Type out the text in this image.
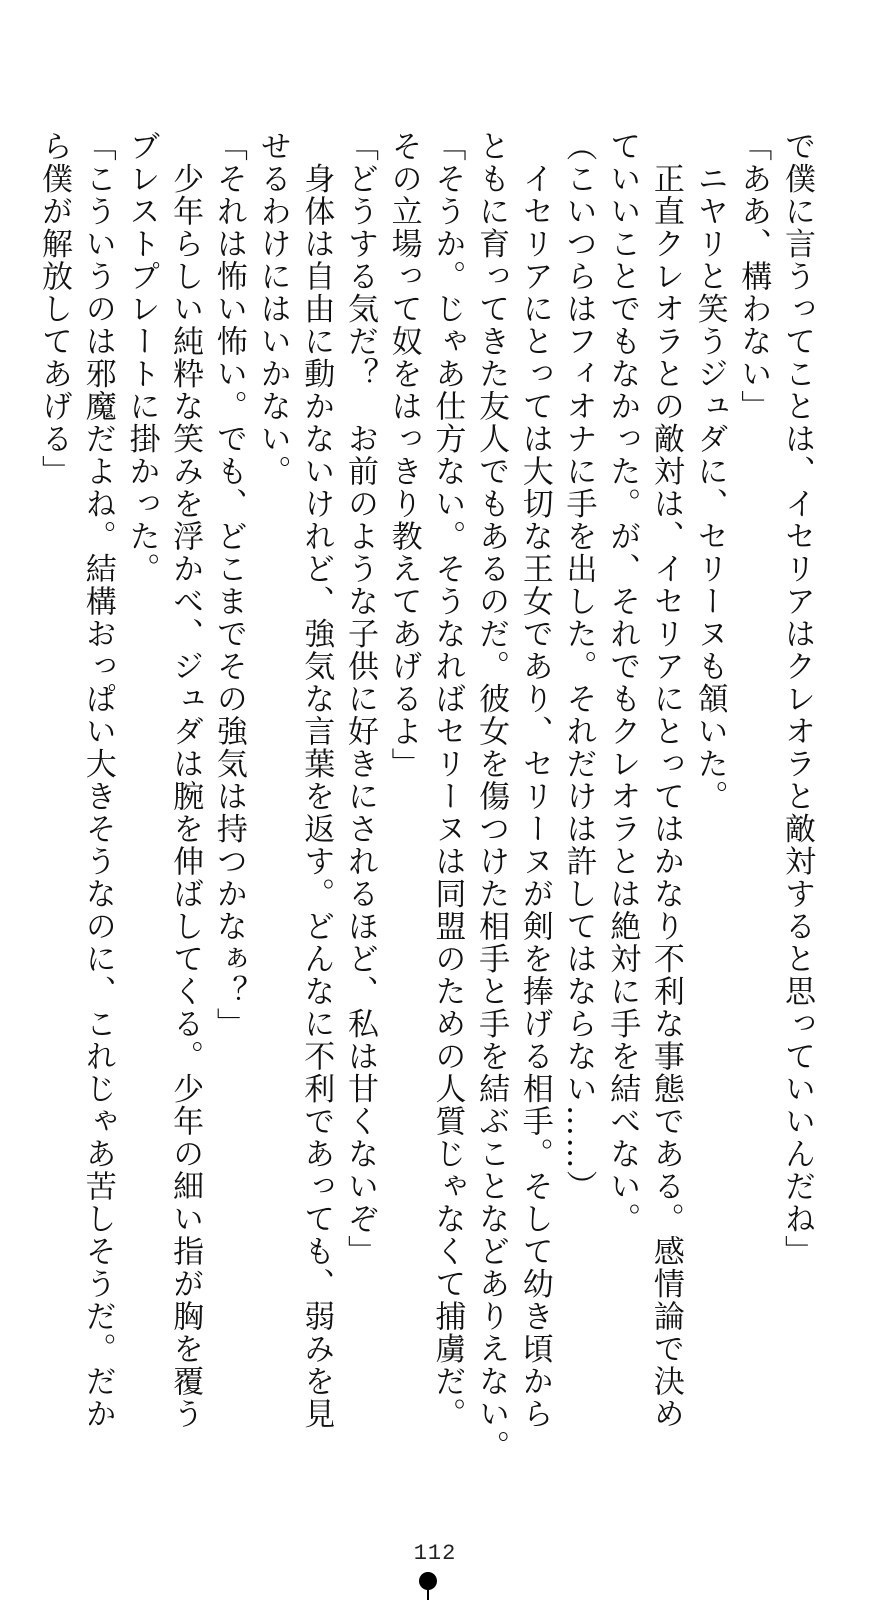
で僕に言うってことは、イセリアはクレオラと敵対すると思っていいんだね」
「ああ、構わない」
　ニヤリと笑うジュダに、セリーヌも頷いた。
　正直クレオラとの敵対は、イセリアにとってはかなり不利な事態である。感情論で決め
ていいことでもなかった。が、それでもクレオラとは絶対に手を結べない。
（こいつらはフィオナに手を出した。それだけは許してはならない……）
　イセリアにとっては大切な王女であり、セリーヌが剣を捧げる相手。そして幼き頃から
ともに育ってきた友人でもあるのだ。彼女を傷つけた相手と手を結ぶことなどありえない。
「そうか。じゃあ仕方ない。そうなればセリーヌは同盟のための人質じゃなくて捕虜だ。
その立場って奴をはっきり教えてあげるよ」
「どうする気だ？　お前のような子供に好きにされるほど、私は甘くないぞ」
　身体は自由に動かないけれど、強気な言葉を返す。どんなに不利であっても、弱みを見
せるわけにはいかない。
「それは怖い怖い。でも、どこまでその強気は持つかなぁ？」
　少年らしい純粋な笑みを浮かべ、ジュダは腕を伸ばしてくる。少年の細い指が胸を覆う
ブレストプレートに掛かった。
「こういうのは邪魔だよね。結構おっぱい大きそうなのに、これじゃあ苦しそうだ。だか
ら僕が解放してあげる」
112
